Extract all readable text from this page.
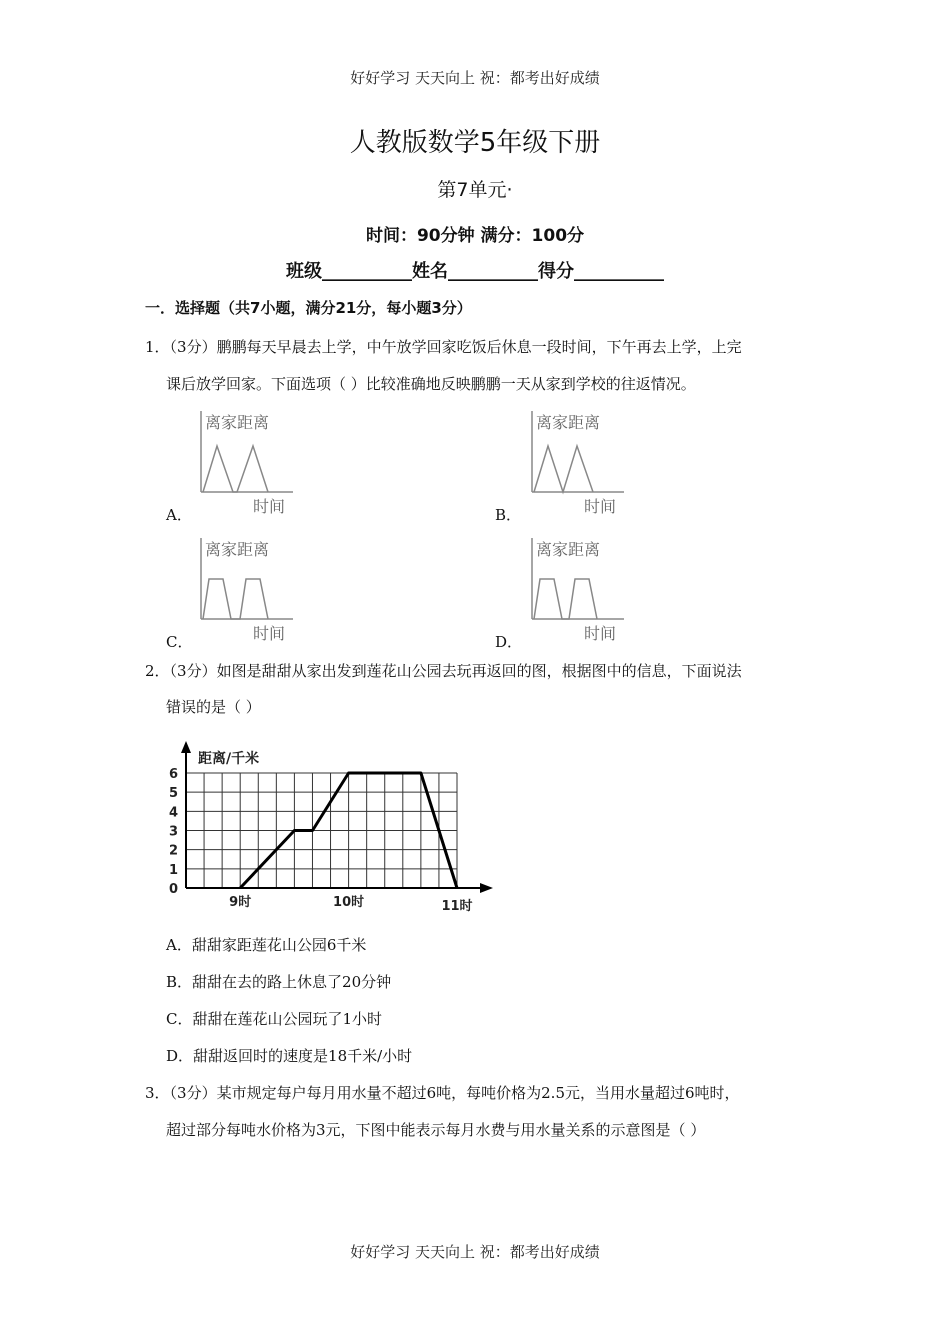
好好学习 天天向上 祝：都考出好成绩
人教版数学5年级下册
第7单元·
时间：90分钟 满分：100分
班级__________姓名__________得分__________
一．选择题（共7小题，满分21分，每小题3分）
1．（3分）鹏鹏每天早晨去上学，中午放学回家吃饭后休息一段时间，下午再去上学，上完
课后放学回家。下面选项（ ）比较准确地反映鹏鹏一天从家到学校的往返情况。
离家距离
时间
A．
离家距离
时间
B．
离家距离
时间
C．
离家距离
时间
D．
2．（3分）如图是甜甜从家出发到莲花山公园去玩再返回的图，根据图中的信息，下面说法
错误的是（ ）
距离/千米
0
1
2
3
4
5
6
9时	10时	11时
A．甜甜家距莲花山公园6千米
B．甜甜在去的路上休息了20分钟
C．甜甜在莲花山公园玩了1小时
D．甜甜返回时的速度是18千米/小时
3．（3分）某市规定每户每月用水量不超过6吨，每吨价格为2.5元，当用水量超过6吨时，
超过部分每吨水价格为3元，下图中能表示每月水费与用水量关系的示意图是（ ）
好好学习 天天向上 祝：都考出好成绩
